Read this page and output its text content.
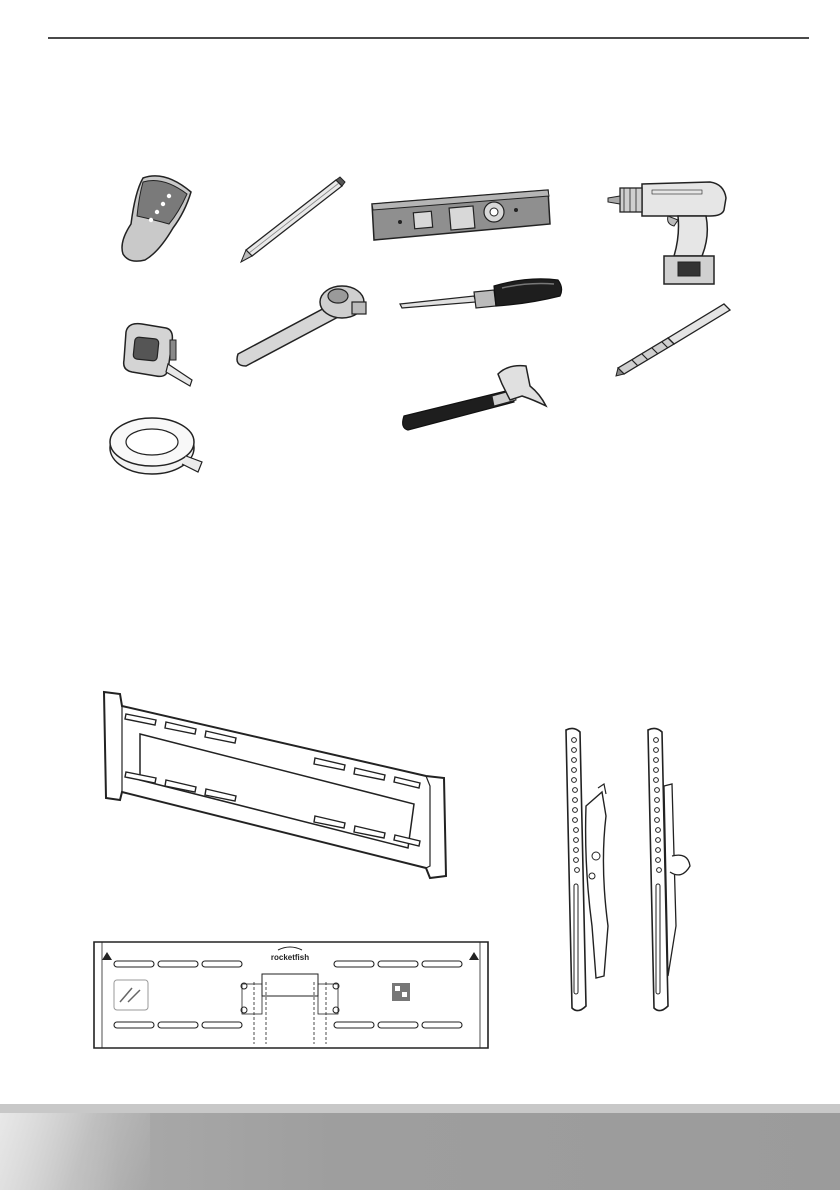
rocketfish
